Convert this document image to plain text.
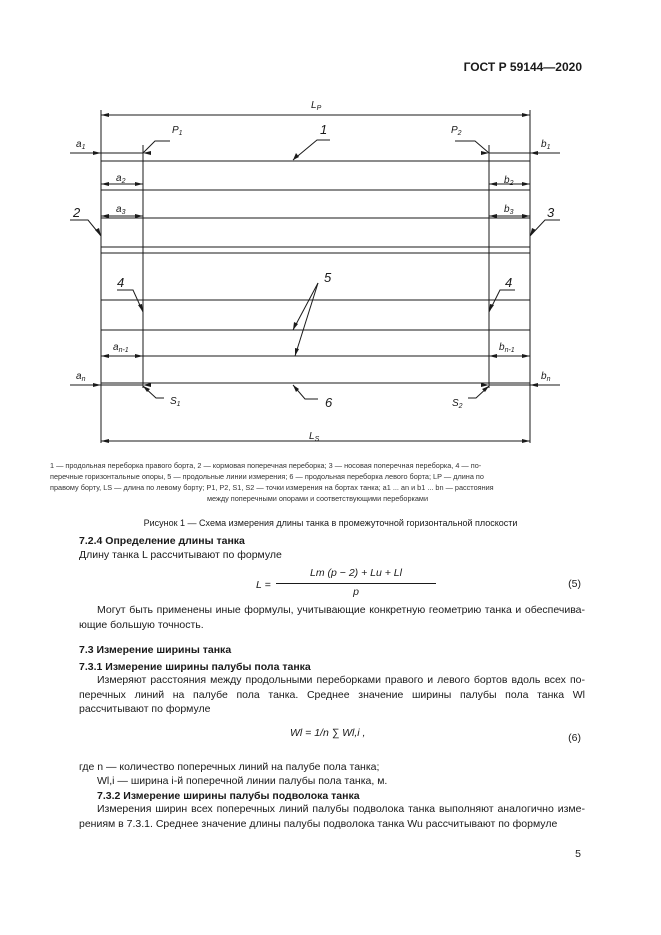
ГОСТ Р 59144—2020
$L_P$
$L_S$
$P_1$	$P_2$
$S_1$	$S_2$
$a_1$
$a_2$
$a_3$
$a_{n-1}$
$a_n$
$b_1$
$b_2$
$b_3$
$b_{n-1}$
$b_n$
1
2	3
4	4
5
6

1 — продольная переборка правого борта, 2 — кормовая поперечная переборка; 3 — носовая поперечная переборка, 4 — по-

перечные горизонтальные опоры, 5 — продольные линии измерения; 6 — продольная переборка левого борта; LP — длина по

правому борту, LS — длина по левому борту; P1, P2, S1, S2 — точки измерения на бортах танка; a1 ... an и b1 ... bn — расстояния

между поперечными опорами и соответствующими переборками

Рисунок 1 — Схема измерения длины танка в промежуточной горизонтальной плоскости
7.2.4 Определение длины танка
Длину танка L рассчитывают по формуле
L =
Lm (p − 2) + Lu + Ll
p
(5)
Могут быть применены иные формулы, учитывающие конкретную геометрию танка и обеспечива-ющие большую точность.
7.3 Измерение ширины танка
7.3.1 Измерение ширины палубы пола танка
Измеряют расстояния между продольными переборками правого и левого бортов вдоль всех по-перечных линий на палубе пола танка. Среднее значение ширины палубы пола танка Wl рассчитывают по формуле
Wl = 1/n ∑ Wl,i ,	(6)
где n — количество поперечных линий на палубе пола танка;
Wl,i — ширина i-й поперечной линии палубы пола танка, м.
7.3.2 Измерение ширины палубы подволока танка
Измерения ширин всех поперечных линий палубы подволока танка выполняют аналогично изме-рениям в 7.3.1. Среднее значение длины палубы подволока танка Wu рассчитывают по формуле
5
